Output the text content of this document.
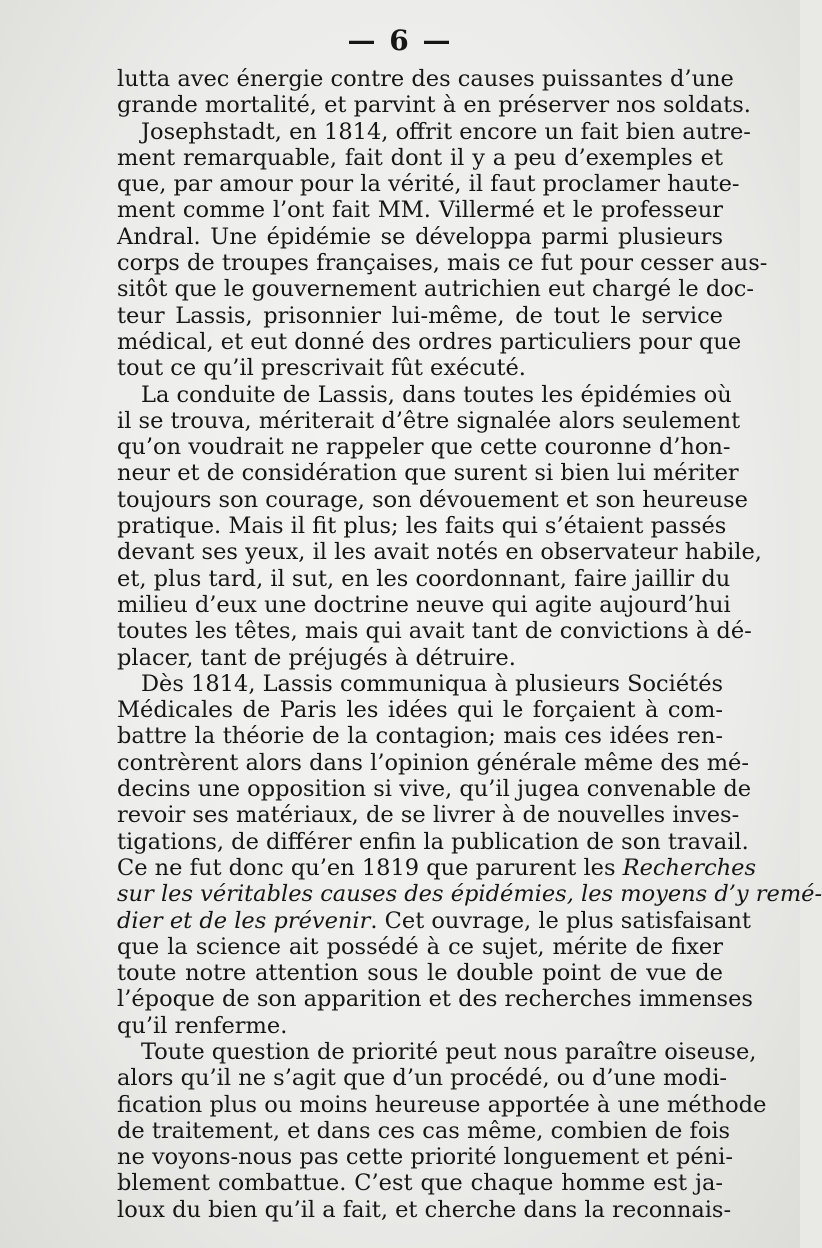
— 6 —
lutta avec énergie contre des causes puissantes d’une
grande mortalité, et parvint à en préserver nos soldats.
Josephstadt, en 1814, offrit encore un fait bien autre-
ment remarquable, fait dont il y a peu d’exemples et
que, par amour pour la vérité, il faut proclamer haute-
ment comme l’ont fait MM. Villermé et le professeur
Andral. Une épidémie se développa parmi plusieurs
corps de troupes françaises, mais ce fut pour cesser aus-
sitôt que le gouvernement autrichien eut chargé le doc-
teur Lassis, prisonnier lui-même, de tout le service
médical, et eut donné des ordres particuliers pour que
tout ce qu’il prescrivait fût exécuté.
La conduite de Lassis, dans toutes les épidémies où
il se trouva, mériterait d’être signalée alors seulement
qu’on voudrait ne rappeler que cette couronne d’hon-
neur et de considération que surent si bien lui mériter
toujours son courage, son dévouement et son heureuse
pratique. Mais il fit plus; les faits qui s’étaient passés
devant ses yeux, il les avait notés en observateur habile,
et, plus tard, il sut, en les coordonnant, faire jaillir du
milieu d’eux une doctrine neuve qui agite aujourd’hui
toutes les têtes, mais qui avait tant de convictions à dé-
placer, tant de préjugés à détruire.
Dès 1814, Lassis communiqua à plusieurs Sociétés
Médicales de Paris les idées qui le forçaient à com-
battre la théorie de la contagion; mais ces idées ren-
contrèrent alors dans l’opinion générale même des mé-
decins une opposition si vive, qu’il jugea convenable de
revoir ses matériaux, de se livrer à de nouvelles inves-
tigations, de différer enfin la publication de son travail.
Ce ne fut donc qu’en 1819 que parurent les Recherches
sur les véritables causes des épidémies, les moyens d’y remé-
dier et de les prévenir. Cet ouvrage, le plus satisfaisant
que la science ait possédé à ce sujet, mérite de fixer
toute notre attention sous le double point de vue de
l’époque de son apparition et des recherches immenses
qu’il renferme.
Toute question de priorité peut nous paraître oiseuse,
alors qu’il ne s’agit que d’un procédé, ou d’une modi-
fication plus ou moins heureuse apportée à une méthode
de traitement, et dans ces cas même, combien de fois
ne voyons-nous pas cette priorité longuement et péni-
blement combattue. C’est que chaque homme est ja-
loux du bien qu’il a fait, et cherche dans la reconnais-
